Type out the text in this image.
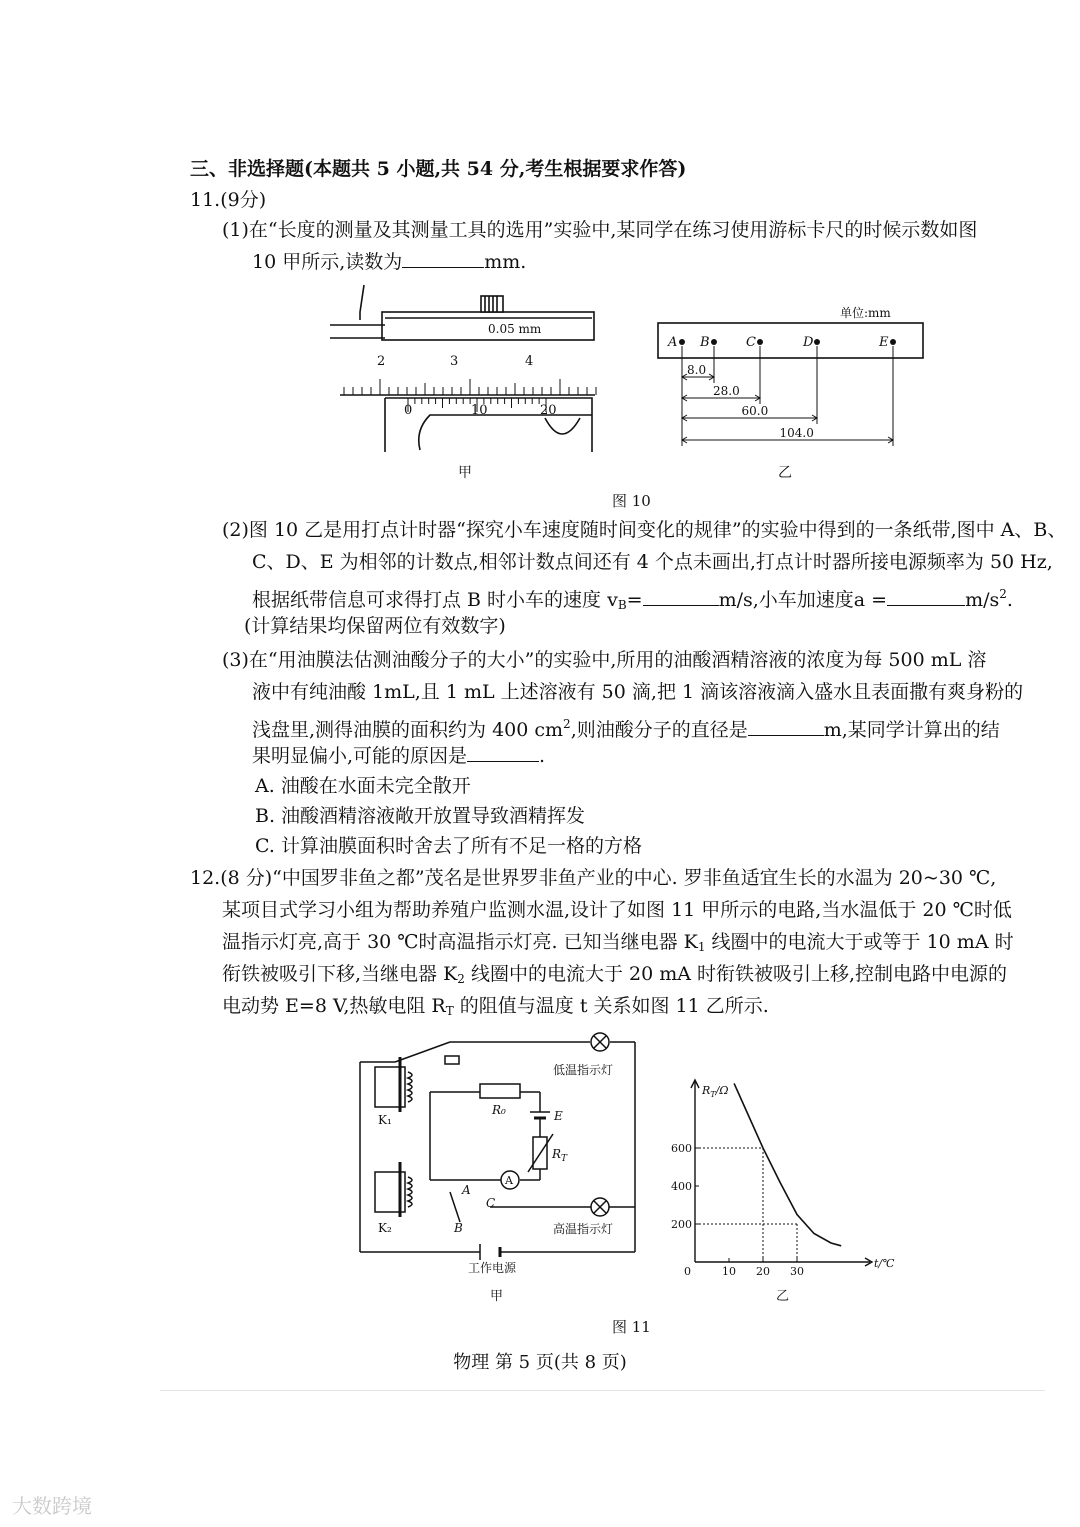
三、非选择题(本题共 5 小题,共 54 分,考生根据要求作答)
11.(9分)
(1)在“长度的测量及其测量工具的选用”实验中,某同学在练习使用游标卡尺的时候示数如图
10 甲所示,读数为	mm.
0.05 mm
2	3	4
0	10	20
甲
单位:mm
A B	C	D	E
8.0
28.0
60.0
104.0
乙
图 10
(2)图 10 乙是用打点计时器“探究小车速度随时间变化的规律”的实验中得到的一条纸带,图中 A、B、
C、D、E 为相邻的计数点,相邻计数点间还有 4 个点未画出,打点计时器所接电源频率为 50 Hz,
根据纸带信息可求得打点 B 时小车的速度 $v_B=$	m/s,小车加速度a =	$m/s^2$.
(计算结果均保留两位有效数字)
(3)在“用油膜法估测油酸分子的大小”的实验中,所用的油酸酒精溶液的浓度为每 500 mL 溶
液中有纯油酸 1mL,且 1 mL 上述溶液有 50 滴,把 1 滴该溶液滴入盛水且表面撒有爽身粉的
浅盘里,测得油膜的面积约为 400 $cm^2$,则油酸分子的直径是	m,某同学计算出的结
果明显偏小,可能的原因是	.
A. 油酸在水面未完全散开
B. 油酸酒精溶液敞开放置导致酒精挥发
C. 计算油膜面积时舍去了所有不足一格的方格
12.(8 分)“中国罗非鱼之都”茂名是世界罗非鱼产业的中心. 罗非鱼适宜生长的水温为 20~30 ℃,
某项目式学习小组为帮助养殖户监测水温,设计了如图 11 甲所示的电路,当水温低于 20 ℃时低
温指示灯亮,高于 30 ℃时高温指示灯亮. 已知当继电器 $K_1$ 线圈中的电流大于或等于 10 mA 时
衔铁被吸引下移,当继电器 $K_2$ 线圈中的电流大于 20 mA 时衔铁被吸引上移,控制电路中电源的
电动势 E=8 V,热敏电阻 $R_T$ 的阻值与温度 t 关系如图 11 乙所示.
低温指示灯
高温指示灯
K₁
K₂
R₀	E
$R_T$
A
A
B
C
工作电源
甲
10 20 30
200
400
600
$R_T/\Omega$
t/℃
0
乙
图 11
物理 第 5 页(共 8 页)
大数跨境
